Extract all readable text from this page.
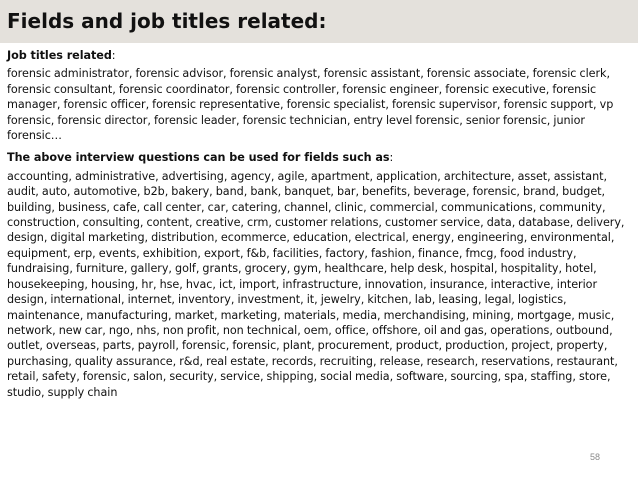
Fields and job titles related:
Job titles related:

forensic administrator, forensic advisor, forensic analyst, forensic assistant, forensic associate, forensic clerk, forensic consultant, forensic coordinator, forensic controller, forensic engineer, forensic executive, forensic manager, forensic officer, forensic representative, forensic specialist, forensic supervisor, forensic support, vp forensic, forensic director, forensic leader, forensic technician, entry level forensic, senior forensic, junior forensic…

The above interview questions can be used for fields such as:

accounting, administrative, advertising, agency, agile, apartment, application, architecture, asset, assistant, audit, auto, automotive, b2b, bakery, band, bank, banquet, bar, benefits, beverage, forensic, brand, budget, building, business, cafe, call center, car, catering, channel, clinic, commercial, communications, community, construction, consulting, content, creative, crm, customer relations, customer service, data, database, delivery, design, digital marketing, distribution, ecommerce, education, electrical, energy, engineering, environmental, equipment, erp, events, exhibition, export, f&b, facilities, factory, fashion, finance, fmcg, food industry, fundraising, furniture, gallery, golf, grants, grocery, gym, healthcare, help desk, hospital, hospitality, hotel, housekeeping, housing, hr, hse, hvac, ict, import, infrastructure, innovation, insurance, interactive, interior design, international, internet, inventory, investment, it, jewelry, kitchen, lab, leasing, legal, logistics, maintenance, manufacturing, market, marketing, materials, media, merchandising, mining, mortgage, music, network, new car, ngo, nhs, non profit, non technical, oem, office, offshore, oil and gas, operations, outbound, outlet, overseas, parts, payroll, forensic, forensic, plant, procurement, product, production, project, property, purchasing, quality assurance, r&d, real estate, records, recruiting, release, research, reservations, restaurant, retail, safety, forensic, salon, security, service, shipping, social media, software, sourcing, spa, staffing, store, studio, supply chain

58
